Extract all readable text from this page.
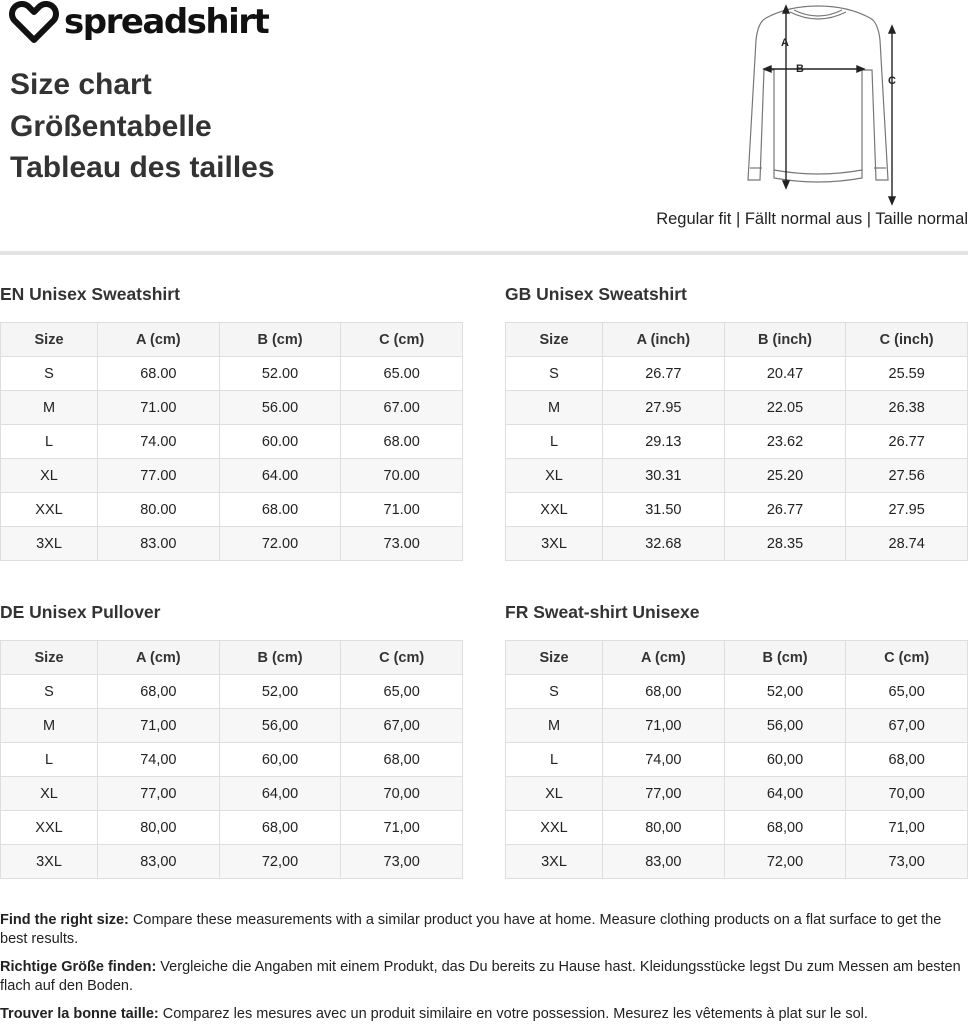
spreadshirt
Size chart
Größentabelle
Tableau des tailles
A
B
C
Regular fit | Fällt normal aus | Taille normal
EN Unisex Sweatshirt
Size	A (cm)	B (cm)	C (cm)
S	68.00	52.00	65.00
M	71.00	56.00	67.00
L	74.00	60.00	68.00
XL	77.00	64.00	70.00
XXL	80.00	68.00	71.00
3XL	83.00	72.00	73.00
GB Unisex Sweatshirt
Size	A (inch)	B (inch)	C (inch)
S	26.77	20.47	25.59
M	27.95	22.05	26.38
L	29.13	23.62	26.77
XL	30.31	25.20	27.56
XXL	31.50	26.77	27.95
3XL	32.68	28.35	28.74
DE Unisex Pullover
Size	A (cm)	B (cm)	C (cm)
S	68,00	52,00	65,00
M	71,00	56,00	67,00
L	74,00	60,00	68,00
XL	77,00	64,00	70,00
XXL	80,00	68,00	71,00
3XL	83,00	72,00	73,00
FR Sweat-shirt Unisexe
Size	A (cm)	B (cm)	C (cm)
S	68,00	52,00	65,00
M	71,00	56,00	67,00
L	74,00	60,00	68,00
XL	77,00	64,00	70,00
XXL	80,00	68,00	71,00
3XL	83,00	72,00	73,00

Find the right size: Compare these measurements with a similar product you have at home. Measure clothing products on a flat surface to get the best results.

Richtige Größe finden: Vergleiche die Angaben mit einem Produkt, das Du bereits zu Hause hast. Kleidungsstücke legst Du zum Messen am besten flach auf den Boden.

Trouver la bonne taille: Comparez les mesures avec un produit similaire en votre possession. Mesurez les vêtements à plat sur le sol.
